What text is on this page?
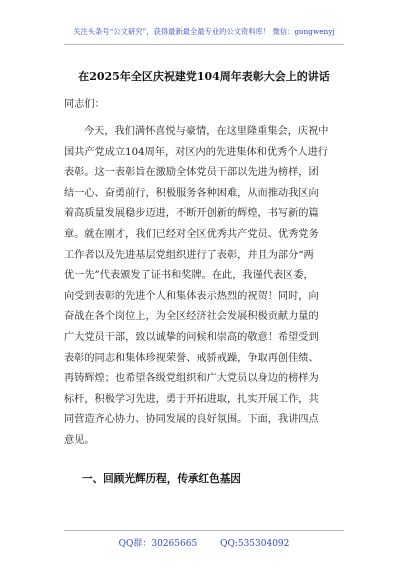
关注头条号“公文研究”，获得最新最全最专业的公文资料库！ 微信：gongwenyj
在2025年全区庆祝建党104周年表彰大会上的讲话
同志们：
今天，我们满怀喜悦与豪情，在这里隆重集会，庆祝中
国共产党成立104周年，对区内的先进集体和优秀个人进行
表彰。这一表彰旨在激励全体党员干部以先进为榜样，团
结一心、奋勇前行，积极服务各种困难，从而推动我区向
着高质量发展稳步迈进，不断开创新的辉煌，书写新的篇
章。就在刚才，我们已经对全区优秀共产党员、优秀党务
工作者以及先进基层党组织进行了表彰，并且为部分“两
优一先”代表颁发了证书和奖牌。在此，我谨代表区委，
向受到表彰的先进个人和集体表示热烈的祝贺！同时，向
奋战在各个岗位上，为全区经济社会发展积极贡献力量的
广大党员干部，致以诚挚的问候和崇高的敬意！希望受到
表彰的同志和集体珍视荣誉、戒骄戒躁，争取再创佳绩、
再铸辉煌；也希望各级党组织和广大党员以身边的榜样为
标杆，积极学习先进，勇于开拓进取，扎实开展工作，共
同营造齐心协力、协同发展的良好氛围。下面，我讲四点
意见。
一、回顾光辉历程，传承红色基因
QQ群：30265665	QQ:535304092
